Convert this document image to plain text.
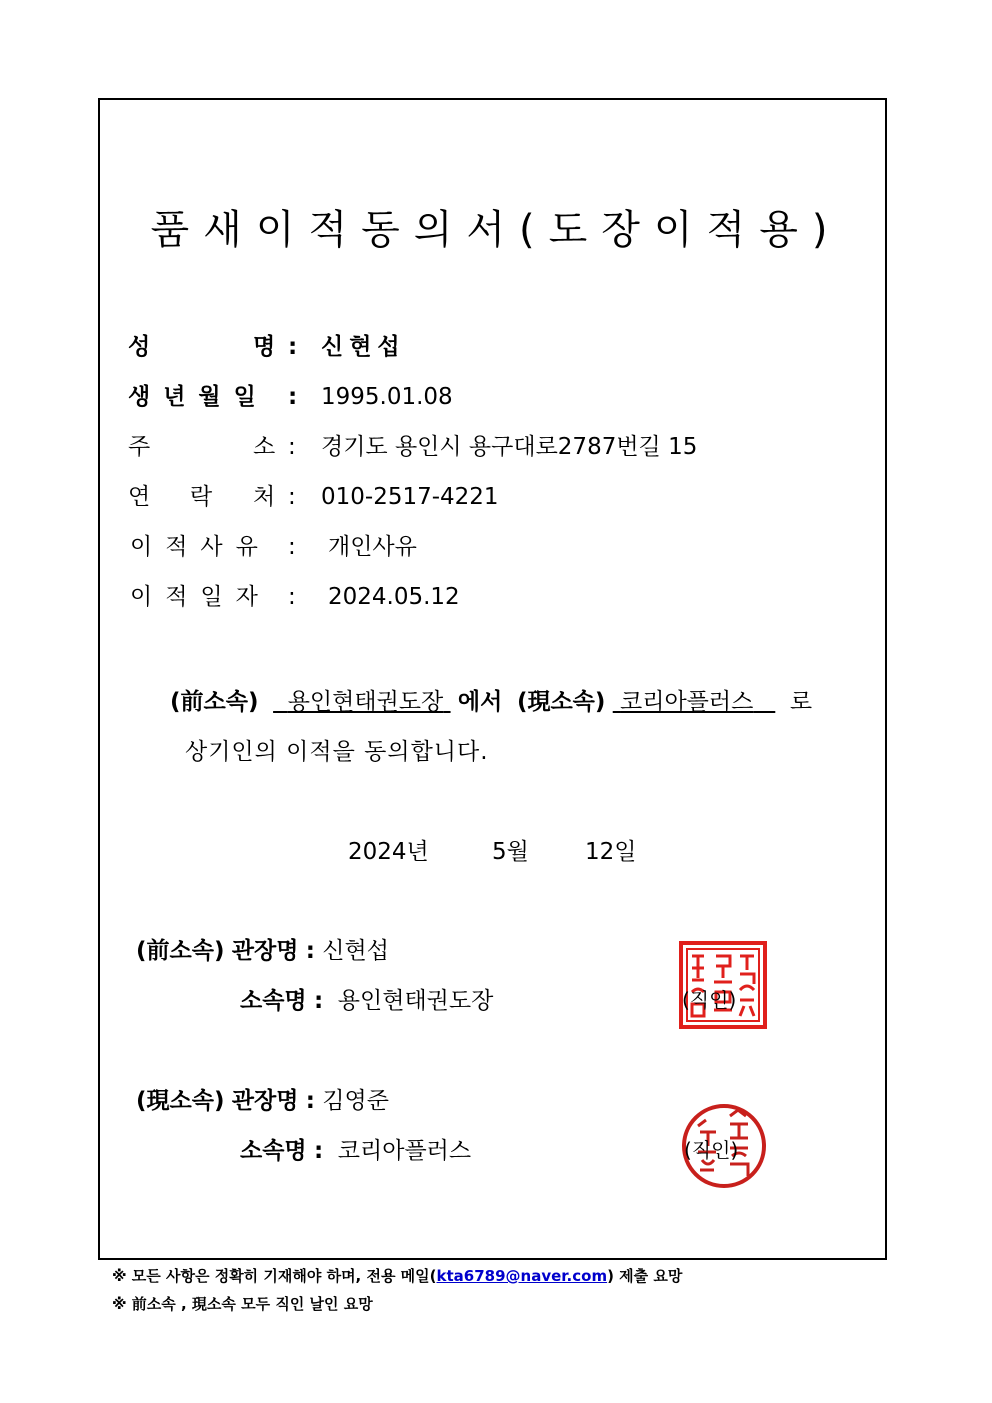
품새이적동의서(도장이적용)
성	명 : 신현섭
생년월일 : 1995.01.08
주	소 : 경기도 용인시 용구대로2787번길 15
연 락 처 : 010-2517-4221
이적사유 : 개인사유
이적일자 : 2024.05.12
(前소속) 용인현태권도장 에서 (現소속) 코리아플러스 로
상기인의 이적을 동의합니다.
2024년	5월 12일
(前소속) 관장명 : 신현섭
소속명 : 용인현태권도장	(직인)
(現소속) 관장명 : 김영준
소속명 : 코리아플러스	(직인)
※ 모든 사항은 정확히 기재해야 하며, 전용 메일(kta6789@naver.com) 제출 요망
※ 前소속 , 現소속 모두 직인 날인 요망
